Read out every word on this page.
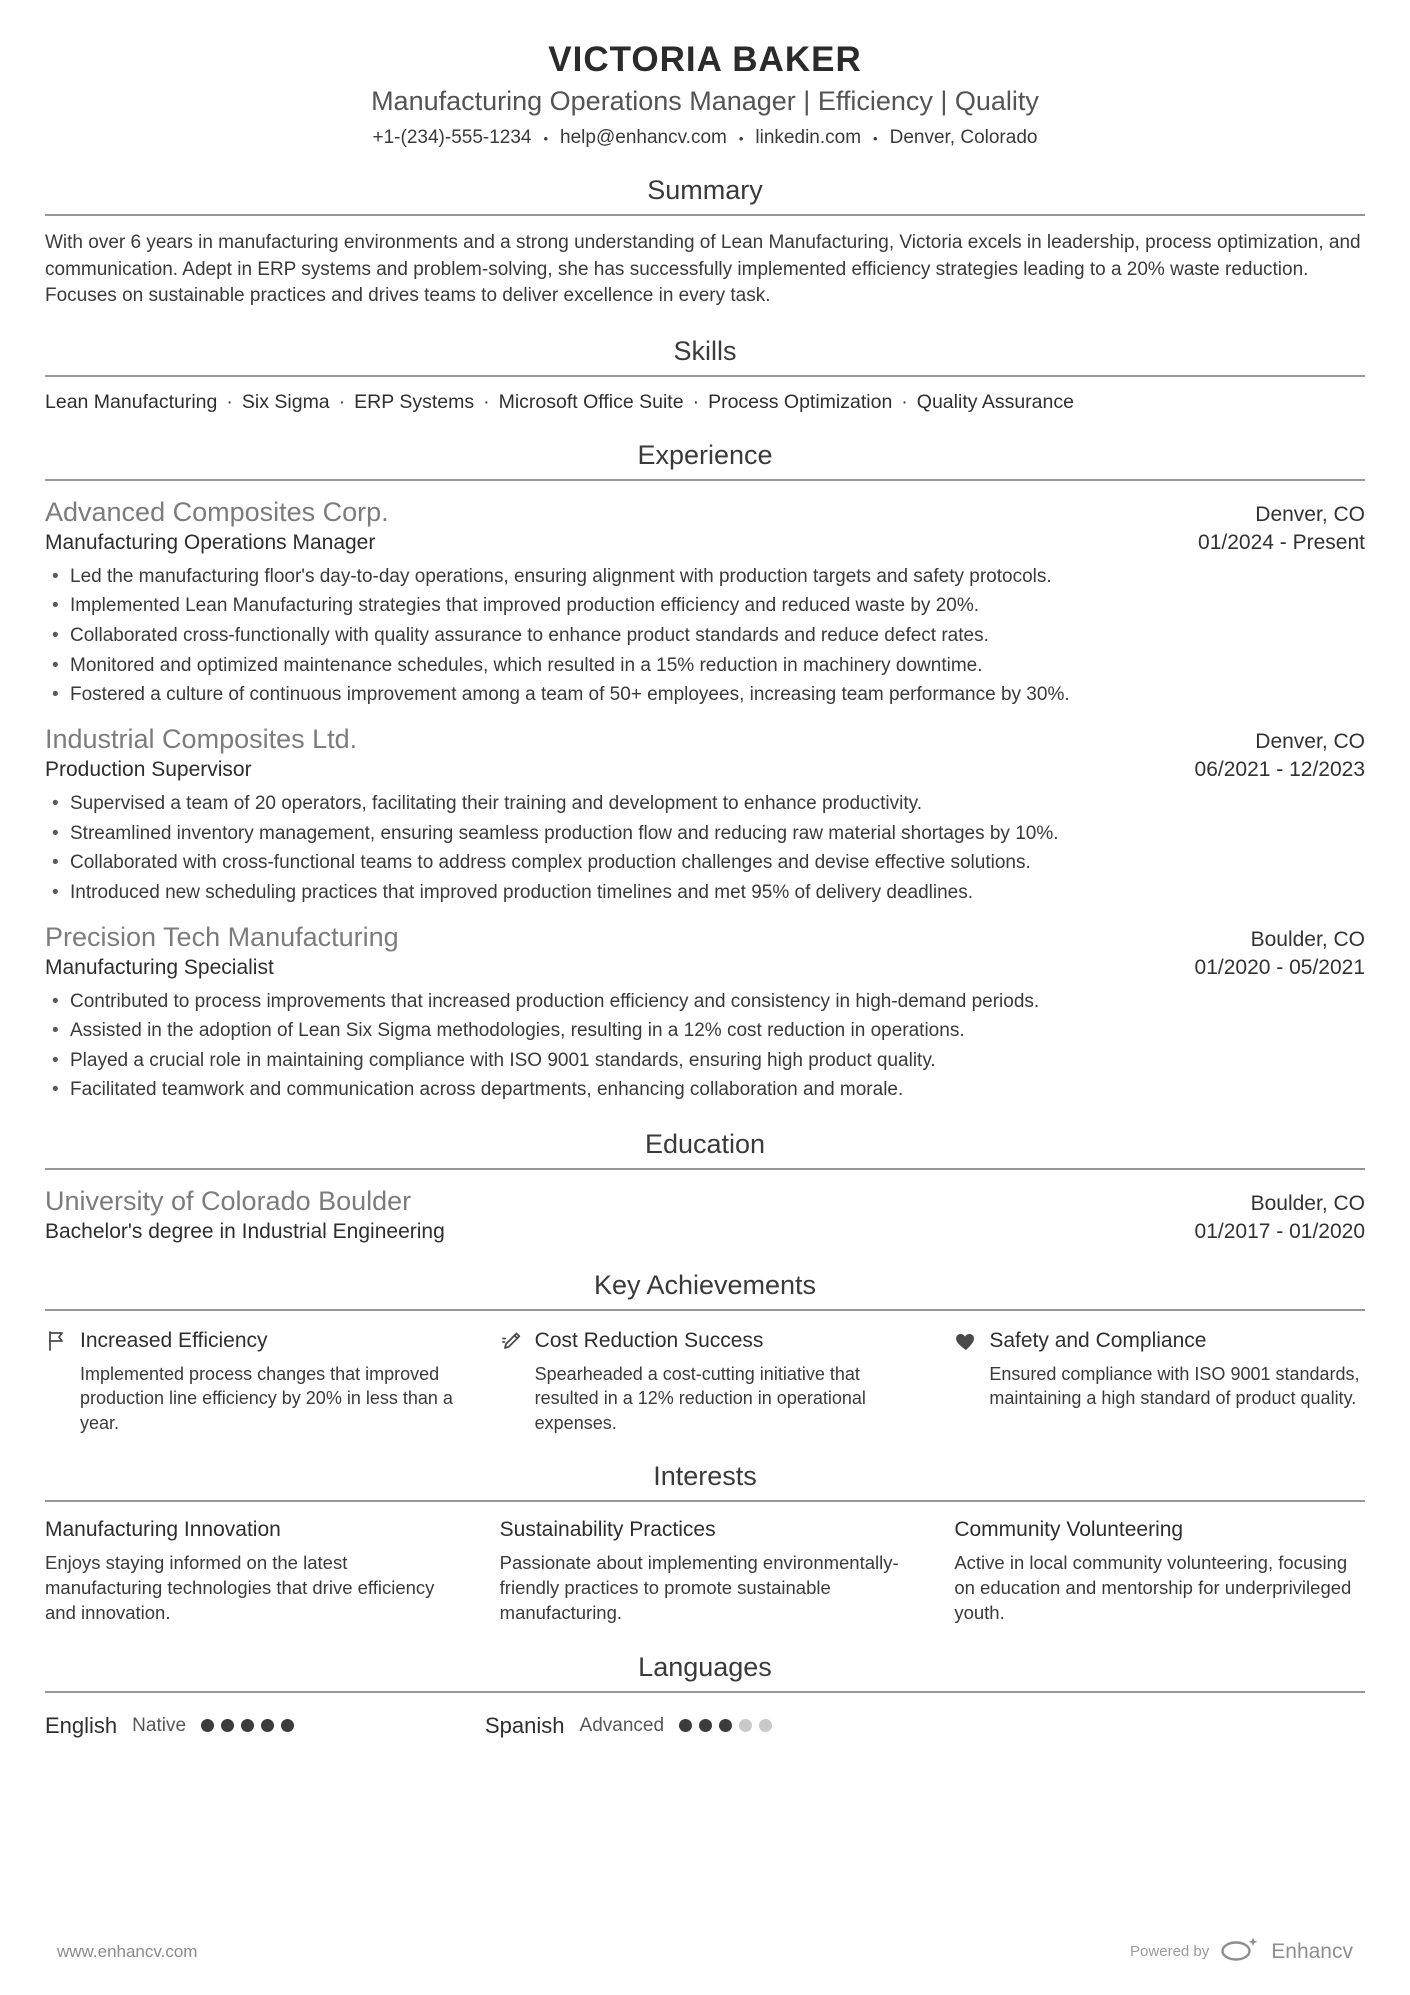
VICTORIA BAKER
Manufacturing Operations Manager | Efficiency | Quality
+1-(234)-555-1234 • help@enhancv.com • linkedin.com • Denver, Colorado
Summary

With over 6 years in manufacturing environments and a strong understanding of Lean Manufacturing, Victoria excels in leadership, process optimization, and communication. Adept in ERP systems and problem-solving, she has successfully implemented efficiency strategies leading to a 20% waste reduction. Focuses on sustainable practices and drives teams to deliver excellence in every task.

Skills
Lean Manufacturing · Six Sigma · ERP Systems · Microsoft Office Suite · Process Optimization · Quality Assurance
Experience
Advanced Composites Corp.	Denver, CO
Manufacturing Operations Manager	01/2024 - Present
• Led the manufacturing floor's day-to-day operations, ensuring alignment with production targets and safety protocols.
• Implemented Lean Manufacturing strategies that improved production efficiency and reduced waste by 20%.
• Collaborated cross-functionally with quality assurance to enhance product standards and reduce defect rates.
• Monitored and optimized maintenance schedules, which resulted in a 15% reduction in machinery downtime.
• Fostered a culture of continuous improvement among a team of 50+ employees, increasing team performance by 30%.
Industrial Composites Ltd.	Denver, CO
Production Supervisor	06/2021 - 12/2023
• Supervised a team of 20 operators, facilitating their training and development to enhance productivity.
• Streamlined inventory management, ensuring seamless production flow and reducing raw material shortages by 10%.
• Collaborated with cross-functional teams to address complex production challenges and devise effective solutions.
• Introduced new scheduling practices that improved production timelines and met 95% of delivery deadlines.
Precision Tech Manufacturing	Boulder, CO
Manufacturing Specialist	01/2020 - 05/2021
• Contributed to process improvements that increased production efficiency and consistency in high-demand periods.
• Assisted in the adoption of Lean Six Sigma methodologies, resulting in a 12% cost reduction in operations.
• Played a crucial role in maintaining compliance with ISO 9001 standards, ensuring high product quality.
• Facilitated teamwork and communication across departments, enhancing collaboration and morale.
Education
University of Colorado Boulder	Boulder, CO
Bachelor's degree in Industrial Engineering	01/2017 - 01/2020
Key Achievements
Increased Efficiency
Implemented process changes that improved production line efficiency by 20% in less than a year.
Cost Reduction Success
Spearheaded a cost-cutting initiative that resulted in a 12% reduction in operational expenses.
Safety and Compliance
Ensured compliance with ISO 9001 standards, maintaining a high standard of product quality.
Interests
Manufacturing Innovation
Enjoys staying informed on the latest manufacturing technologies that drive efficiency and innovation.
Sustainability Practices
Passionate about implementing environmentally-friendly practices to promote sustainable manufacturing.
Community Volunteering
Active in local community volunteering, focusing on education and mentorship for underprivileged youth.
Languages
English Native	Spanish Advanced
www.enhancv.com	Powered by	Enhancv
